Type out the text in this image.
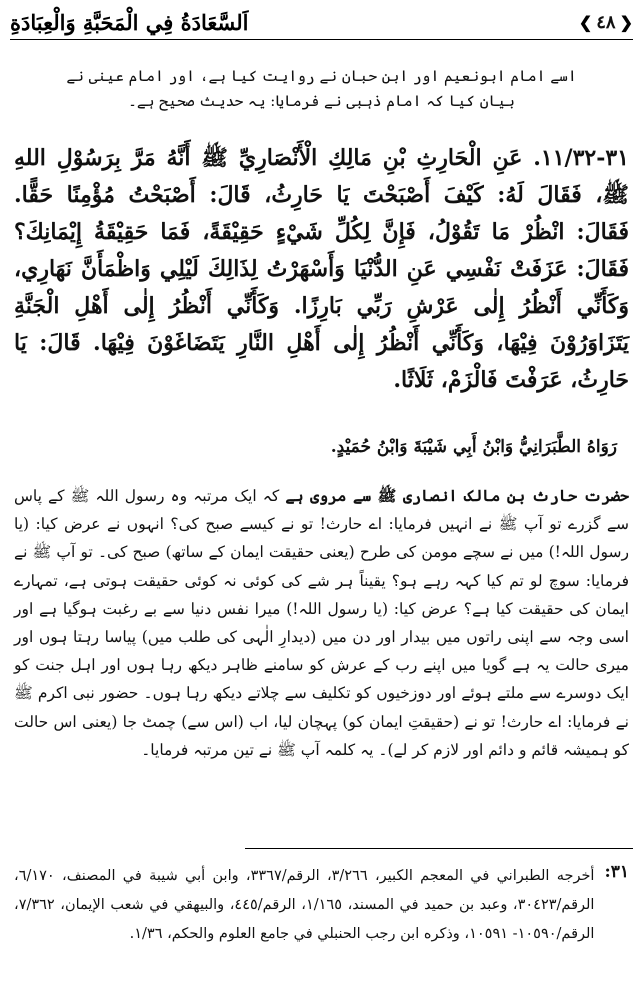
❮
٤٨
❯
اَلسَّعَادَةُ فِي الْمَحَبَّةِ وَالْعِبَادَةِ
اسے امام ابونعیم اور ابن حبان نے روایت کیا ہے، اور امام عینی نے بیان کیا کہ امام ذہبی نے فرمایا: یہ حدیث صحیح ہے۔
٣١-١١/٣٢. عَنِ الْحَارِثِ بْنِ مَالِكِ الْأَنْصَارِيِّ ﷺ أَنَّهُ مَرَّ بِرَسُوْلِ اللهِ ﷺ، فَقَالَ لَهُ: كَيْفَ أَصْبَحْتَ يَا حَارِثُ، قَالَ: أَصْبَحْتُ مُؤْمِنًا حَقًّا. فَقَالَ: انْظُرْ مَا تَقُوْلُ، فَإِنَّ لِكُلِّ شَيْءٍ حَقِيْقَةً، فَمَا حَقِيْقَةُ إِيْمَانِكَ؟ فَقَالَ: عَزَفَتْ نَفْسِي عَنِ الدُّنْيَا وَأَسْهَرْتُ لِذَالِكَ لَيْلِي وَاظْمَأَنَّ نَهَارِي، وَكَأَنِّي أَنْظُرُ إِلٰى عَرْشِ رَبِّي بَارِزًا. وَكَأَنِّي أَنْظُرُ إِلٰى أَهْلِ الْجَنَّةِ يَتَزَاوَرُوْنَ فِيْهَا، وَكَأَنِّي أَنْظُرُ إِلٰى أَهْلِ النَّارِ يَتَضَاغَوْنَ فِيْهَا. قَالَ: يَا حَارِثُ، عَرَفْتَ فَالْزَمْ، ثَلَاثًا.
رَوَاهُ الطَّبَرَانِيُّ وَابْنُ أَبِي شَيْبَةَ وَابْنُ حُمَيْدٍ.
حضرت حارث بن مالک انصاری ﷺ سے مروی ہے کہ ایک مرتبہ وہ رسول اللہ ﷺ کے پاس سے گزرے تو آپ ﷺ نے انہیں فرمایا: اے حارث! تو نے کیسے صبح کی؟ انہوں نے عرض کیا: (یا رسول اللہ!) میں نے سچے مومن کی طرح (یعنی حقیقت ایمان کے ساتھ) صبح کی۔ تو آپ ﷺ نے فرمایا: سوچ لو تم کیا کہہ رہے ہو؟ یقیناً ہر شے کی کوئی نہ کوئی حقیقت ہوتی ہے، تمہارے ایمان کی حقیقت کیا ہے؟ عرض کیا: (یا رسول اللہ!) میرا نفس دنیا سے بے رغبت ہوگیا ہے اور اسی وجہ سے اپنی راتوں میں بیدار اور دن میں (دیدارِ الٰہی کی طلب میں) پیاسا رہتا ہوں اور میری حالت یہ ہے گویا میں اپنے رب کے عرش کو سامنے ظاہر دیکھ رہا ہوں اور اہل جنت کو ایک دوسرے سے ملتے ہوئے اور دوزخیوں کو تکلیف سے چلاتے دیکھ رہا ہوں۔ حضور نبی اکرم ﷺ نے فرمایا: اے حارث! تو نے (حقیقتِ ایمان کو) پہچان لیا، اب (اس سے) چمٹ جا (یعنی اس حالت کو ہمیشہ قائم و دائم اور لازم کر لے)۔ یہ کلمہ آپ ﷺ نے تین مرتبہ فرمایا۔
٣١:
أخرجه الطبراني في المعجم الكبير، ٣/٢٦٦، الرقم/٣٣٦٧، وابن أبي شيبة في المصنف، ٦/١٧٠، الرقم/٣٠٤٢٣، وعبد بن حميد في المسند، ١/١٦٥، الرقم/٤٤٥، والبيهقي في شعب الإيمان، ٧/٣٦٢، الرقم/١٠٥٩٠- ١٠٥٩١، وذكره ابن رجب الحنبلي في جامع العلوم والحكم، ١/٣٦.
